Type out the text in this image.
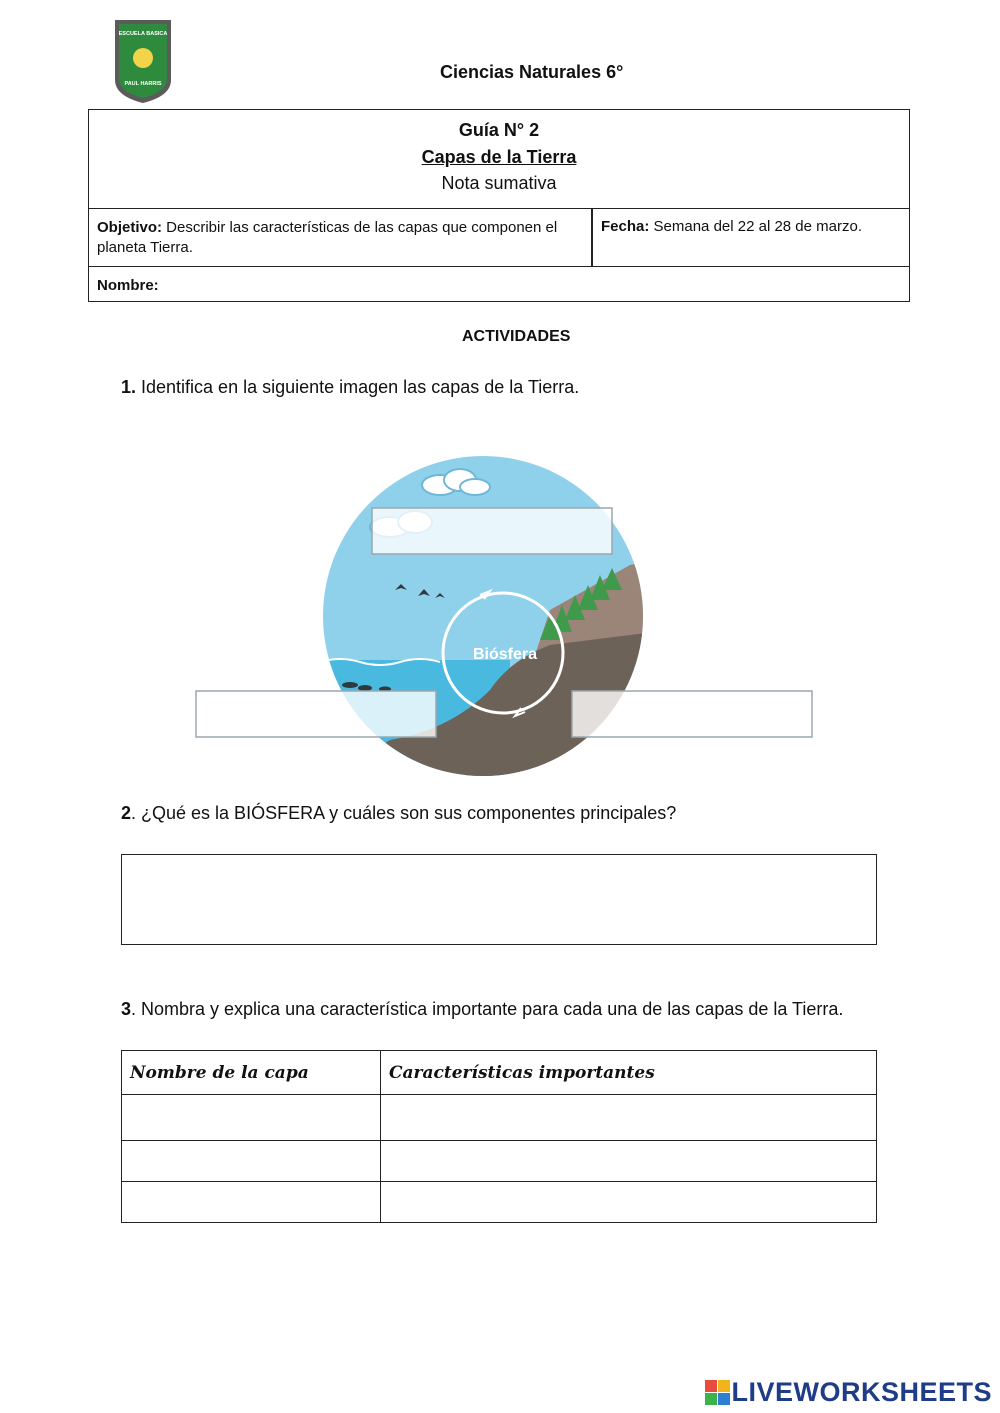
ESCUELA BASICA
PAUL HARRIS
Ciencias Naturales 6°
Guía N° 2
Capas de la Tierra
Nota sumativa
Objetivo: Describir las características de las capas que componen el planeta Tierra.
Fecha: Semana del 22 al 28 de marzo.
Nombre:
ACTIVIDADES
1. Identifica en la siguiente imagen las capas de la Tierra.
Biósfera
2. ¿Qué es la BIÓSFERA y cuáles son sus componentes principales?
3. Nombra y explica una característica importante para cada una de las capas de la Tierra.
Nombre de la capa	Características importantes

LIVEWORKSHEETS
